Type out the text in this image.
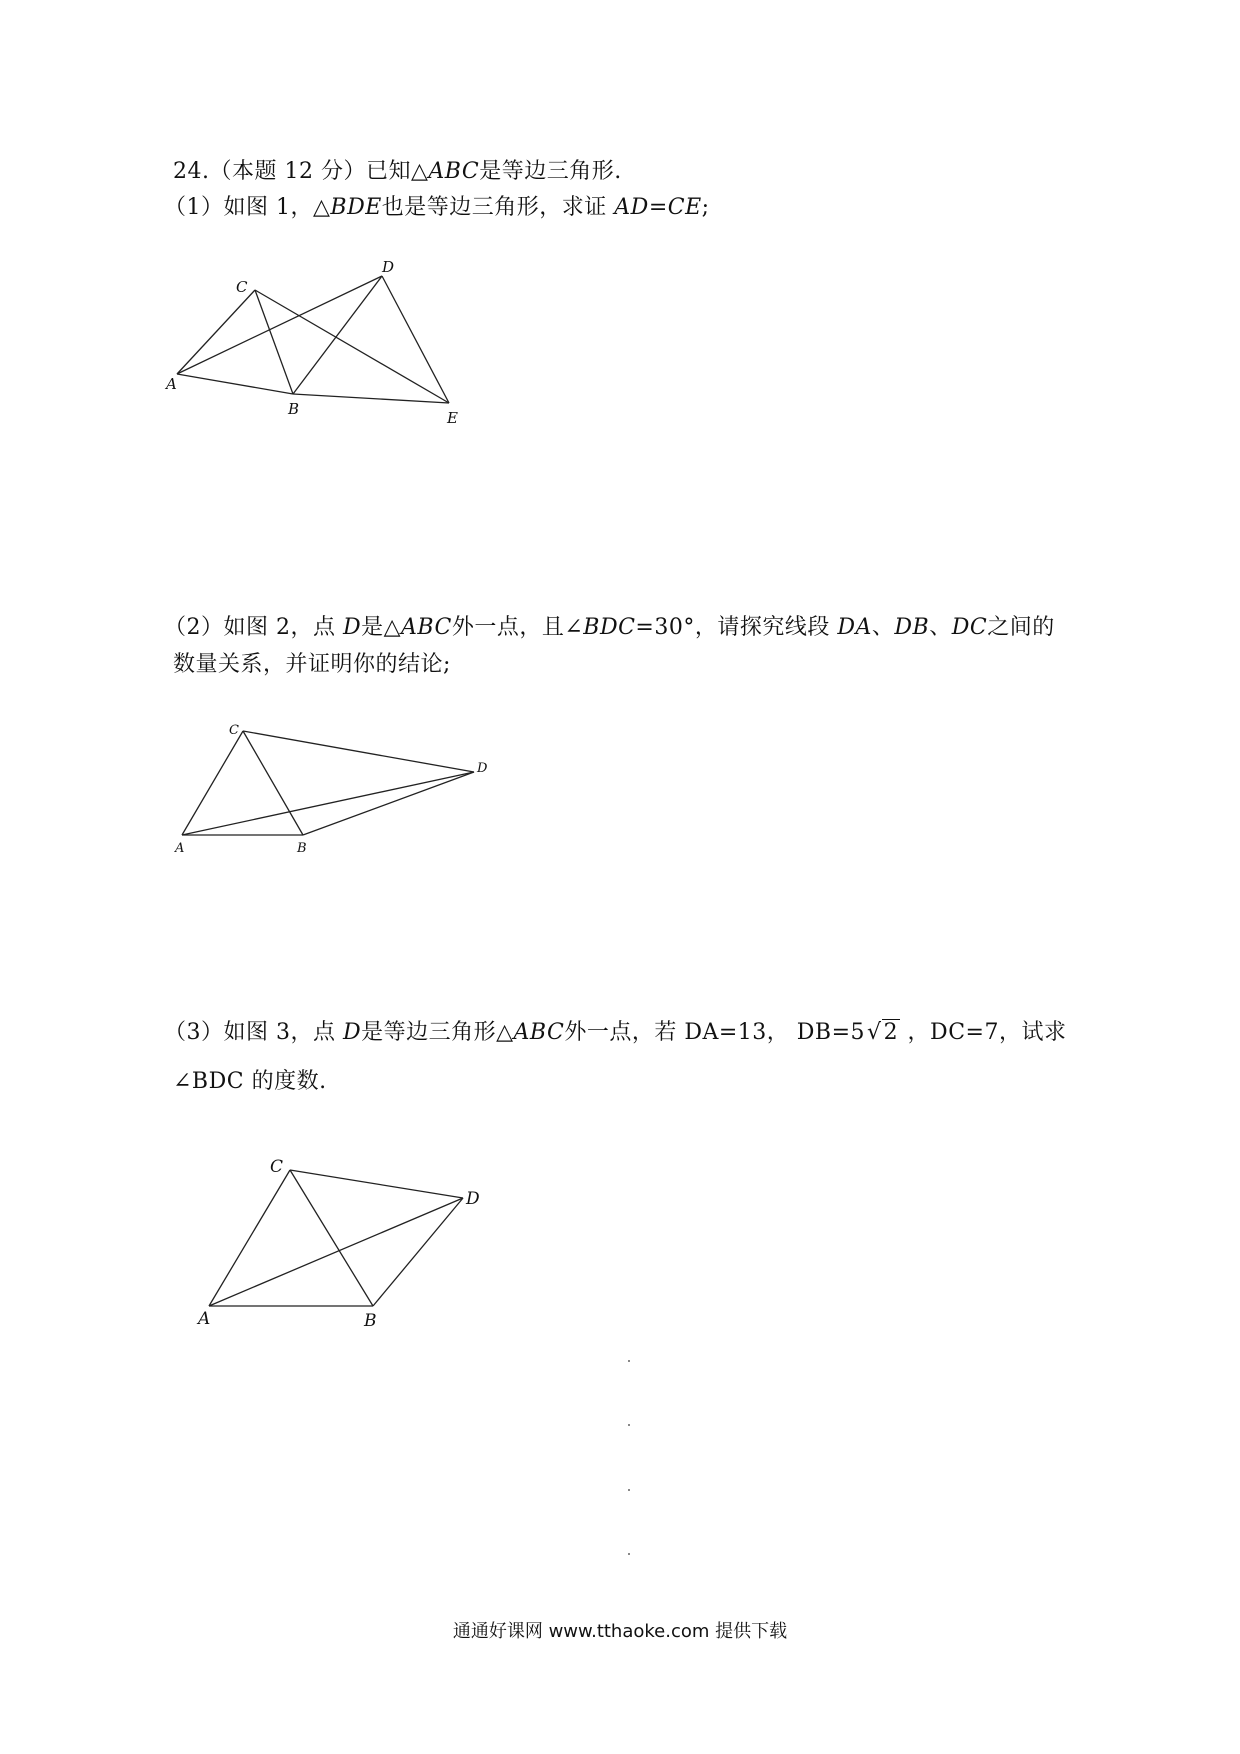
24.（本题 12 分）已知△ABC是等边三角形.
（1）如图 1，△BDE也是等边三角形，求证 AD=CE;
A
B
C
D
E
（2）如图 2，点 D是△ABC外一点，且∠BDC=30°，请探究线段 DA、DB、DC之间的
数量关系，并证明你的结论;
A	B
C
D
（3）如图 3，点 D是等边三角形△ABC外一点，若 DA=13， DB=5√2 ，DC=7，试求
∠BDC 的度数.
A	B
C
D
通通好课网 www.tthaoke.com 提供下载
